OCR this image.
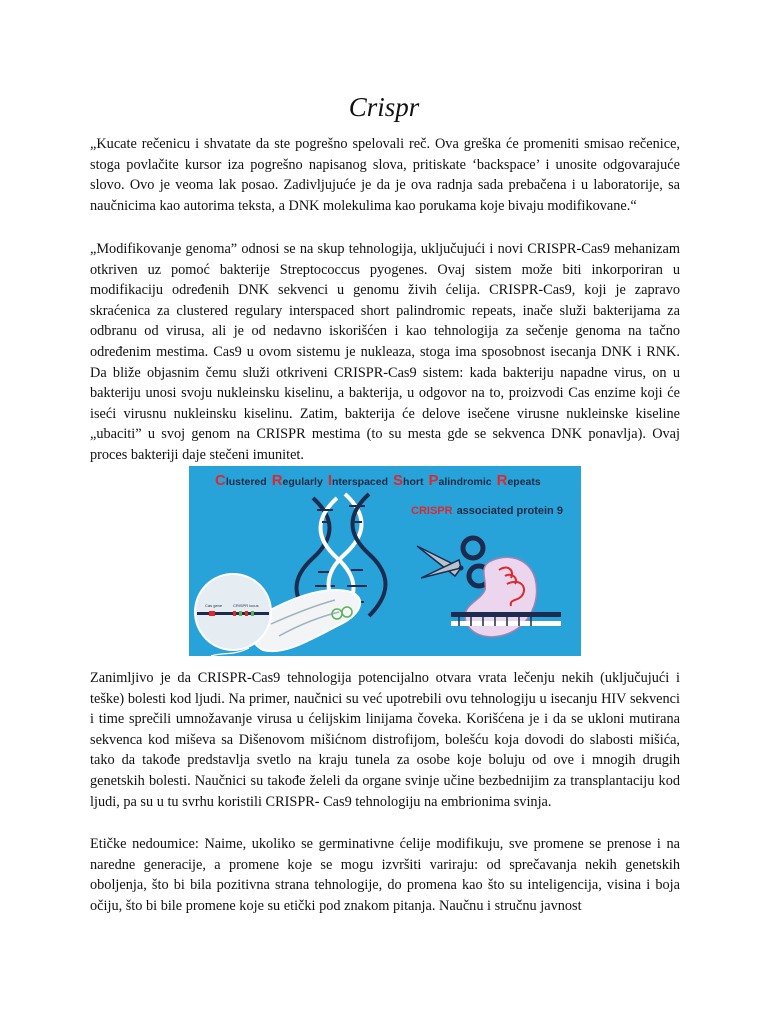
Crispr

„Kucate rečenicu i shvatate da ste pogrešno spelovali reč. Ova greška će promeniti smisao rečenice, stoga povlačite kursor iza pogrešno napisanog slova, pritiskate ‘backspace’ i unosite odgovarajuće slovo. Ovo je veoma lak posao. Zadivljujuće je da je ova radnja sada prebačena i u laboratorije, sa naučnicima kao autorima teksta, a DNK molekulima kao porukama koje bivaju modifikovane.“

„Modifikovanje genoma” odnosi se na skup tehnologija, uključujući i novi CRISPR-Cas9 mehanizam otkriven uz pomoć bakterije Streptococcus pyogenes. Ovaj sistem može biti inkorporiran u modifikaciju određenih DNK sekvenci u genomu živih ćelija. CRISPR-Cas9, koji je zapravo skraćenica za clustered regulary interspaced short palindromic repeats, inače služi bakterijama za odbranu od virusa, ali je od nedavno iskorišćen i kao tehnologija za sečenje genoma na tačno određenim mestima. Cas9 u ovom sistemu je nukleaza, stoga ima sposobnost isecanja DNK i RNK. Da bliže objasnim čemu služi otkriveni CRISPR-Cas9 sistem: kada bakteriju napadne virus, on u bakteriju unosi svoju nukleinsku kiselinu, a bakterija, u odgovor na to, proizvodi Cas enzime koji će iseći virusnu nukleinsku kiselinu. Zatim, bakterija će delove isečene virusne nukleinske kiseline „ubaciti” u svoj genom na CRISPR mestima (to su mesta gde se sekvenca DNK ponavlja). Ovaj proces bakteriji daje stečeni imunitet.

Clustered Regularly Interspaced Short Palindromic Repeats
CRISPR associated protein 9
Cas gene	CRISPR locus

Zanimljivo je da CRISPR-Cas9 tehnologija potencijalno otvara vrata lečenju nekih (uključujući i teške) bolesti kod ljudi. Na primer, naučnici su već upotrebili ovu tehnologiju u isecanju HIV sekvenci i time sprečili umnožavanje virusa u ćelijskim linijama čoveka. Korišćena je i da se ukloni mutirana sekvenca kod miševa sa Dišenovom mišićnom distrofijom, bolešću koja dovodi do slabosti mišića, tako da takođe predstavlja svetlo na kraju tunela za osobe koje boluju od ove i mnogih drugih genetskih bolesti. Naučnici su takođe želeli da organe svinje učine bezbednijim za transplantaciju kod ljudi, pa su u tu svrhu koristili CRISPR- Cas9 tehnologiju na embrionima svinja.

Etičke nedoumice: Naime, ukoliko se germinativne ćelije modifikuju, sve promene se prenose i na naredne generacije, a promene koje se mogu izvršiti variraju: od sprečavanja nekih genetskih oboljenja, što bi bila pozitivna strana tehnologije, do promena kao što su inteligencija, visina i boja očiju, što bi bile promene koje su etički pod znakom pitanja. Naučnu i stručnu javnost
